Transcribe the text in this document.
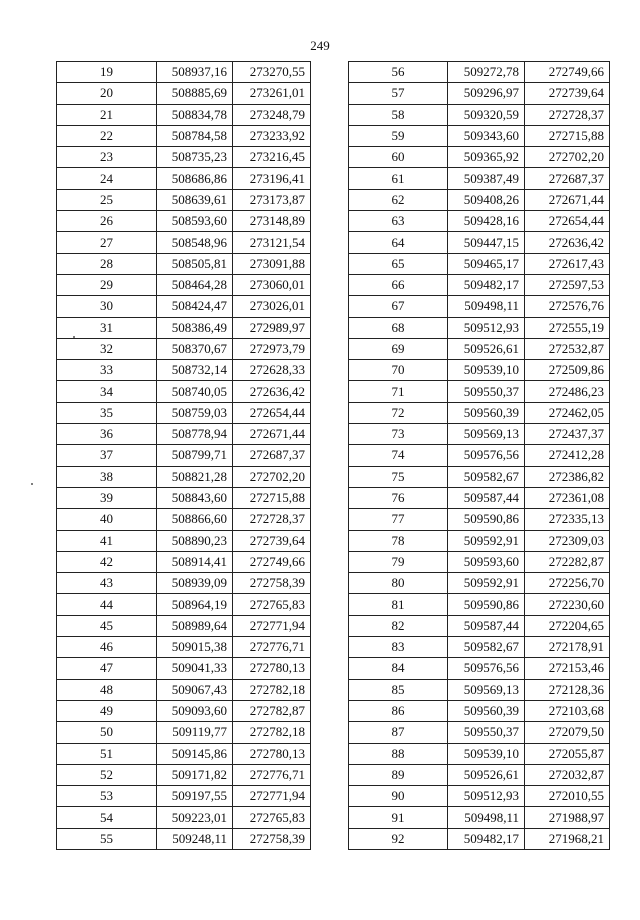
249
19	508937,16	273270,55
20	508885,69	273261,01
21	508834,78	273248,79
22	508784,58	273233,92
23	508735,23	273216,45
24	508686,86	273196,41
25	508639,61	273173,87
26	508593,60	273148,89
27	508548,96	273121,54
28	508505,81	273091,88
29	508464,28	273060,01
30	508424,47	273026,01
31	508386,49	272989,97
32	508370,67	272973,79
33	508732,14	272628,33
34	508740,05	272636,42
35	508759,03	272654,44
36	508778,94	272671,44
37	508799,71	272687,37
38	508821,28	272702,20
39	508843,60	272715,88
40	508866,60	272728,37
41	508890,23	272739,64
42	508914,41	272749,66
43	508939,09	272758,39
44	508964,19	272765,83
45	508989,64	272771,94
46	509015,38	272776,71
47	509041,33	272780,13
48	509067,43	272782,18
49	509093,60	272782,87
50	509119,77	272782,18
51	509145,86	272780,13
52	509171,82	272776,71
53	509197,55	272771,94
54	509223,01	272765,83
55	509248,11	272758,39
56	509272,78	272749,66
57	509296,97	272739,64
58	509320,59	272728,37
59	509343,60	272715,88
60	509365,92	272702,20
61	509387,49	272687,37
62	509408,26	272671,44
63	509428,16	272654,44
64	509447,15	272636,42
65	509465,17	272617,43
66	509482,17	272597,53
67	509498,11	272576,76
68	509512,93	272555,19
69	509526,61	272532,87
70	509539,10	272509,86
71	509550,37	272486,23
72	509560,39	272462,05
73	509569,13	272437,37
74	509576,56	272412,28
75	509582,67	272386,82
76	509587,44	272361,08
77	509590,86	272335,13
78	509592,91	272309,03
79	509593,60	272282,87
80	509592,91	272256,70
81	509590,86	272230,60
82	509587,44	272204,65
83	509582,67	272178,91
84	509576,56	272153,46
85	509569,13	272128,36
86	509560,39	272103,68
87	509550,37	272079,50
88	509539,10	272055,87
89	509526,61	272032,87
90	509512,93	272010,55
91	509498,11	271988,97
92	509482,17	271968,21
